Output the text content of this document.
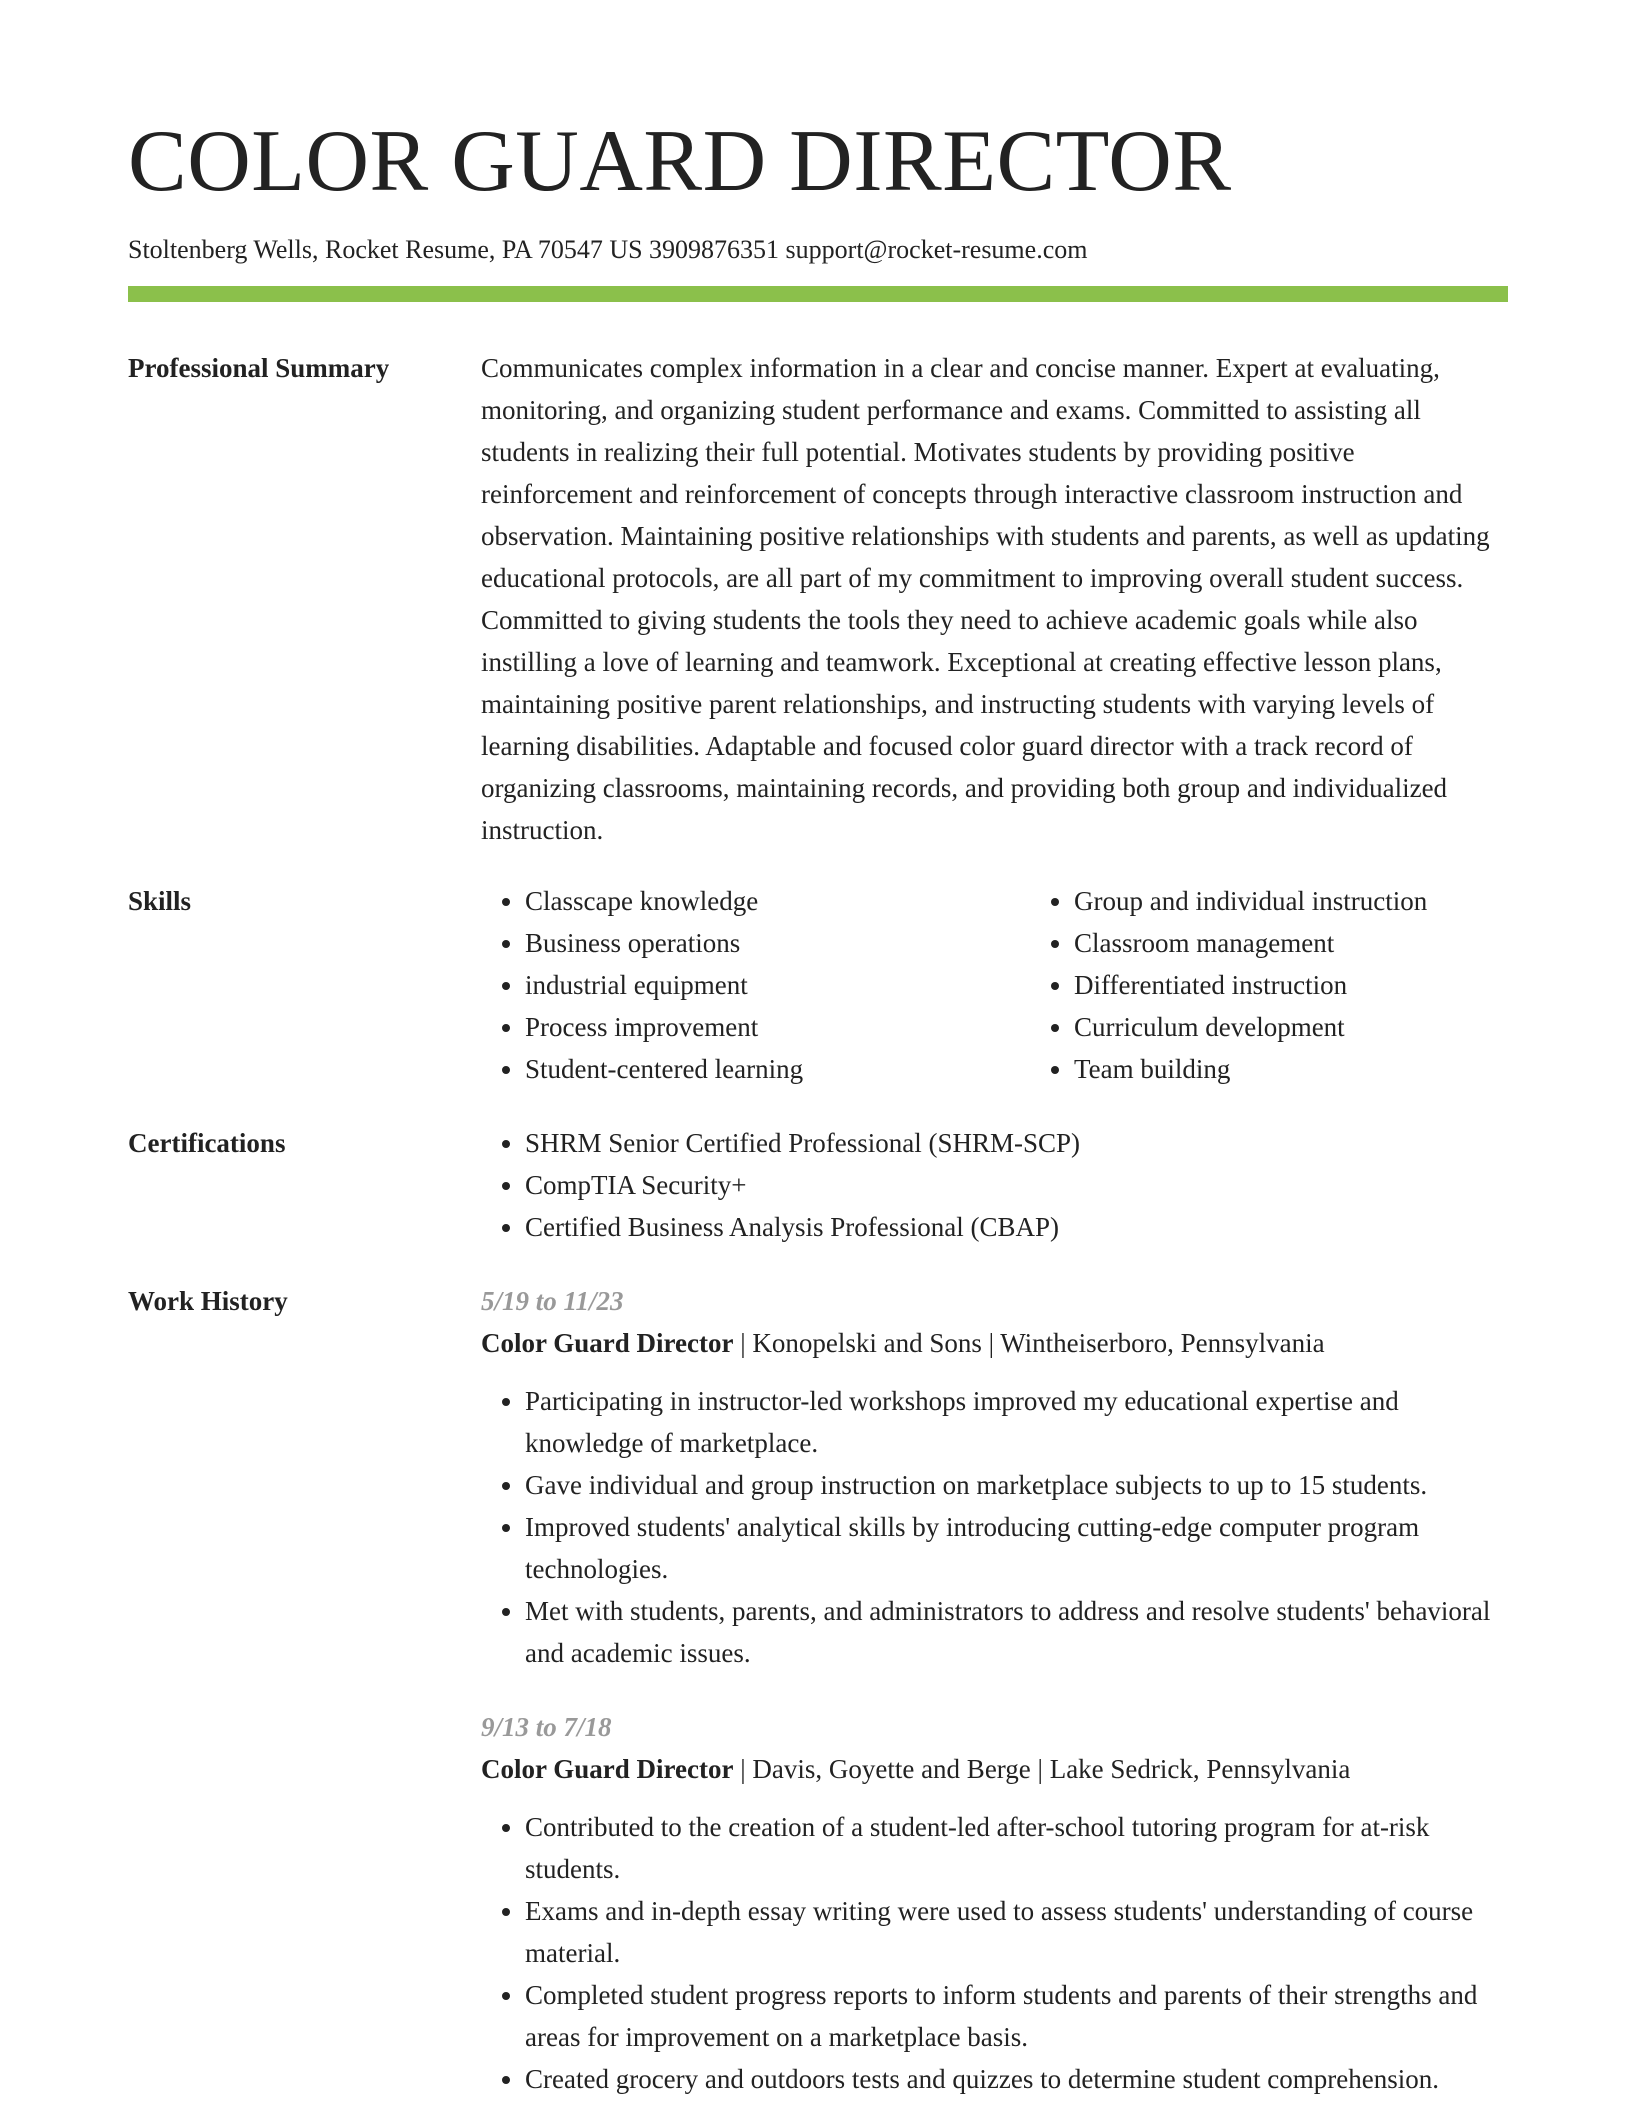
COLOR GUARD DIRECTOR
Stoltenberg Wells, Rocket Resume, PA 70547 US 3909876351 support@rocket-resume.com
Professional Summary	Communicates complex information in a clear and concise manner. Expert at evaluating, monitoring, and organizing student performance and exams. Committed to assisting all students in realizing their full potential. Motivates students by providing positive reinforcement and reinforcement of concepts through interactive classroom instruction and observation. Maintaining positive relationships with students and parents, as well as updating educational protocols, are all part of my commitment to improving overall student success. Committed to giving students the tools they need to achieve academic goals while also instilling a love of learning and teamwork. Exceptional at creating effective lesson plans, maintaining positive parent relationships, and instructing students with varying levels of learning disabilities. Adaptable and focused color guard director with a track record of organizing classrooms, maintaining records, and providing both group and individualized instruction.

Skills	• Classcape knowledge
• Business operations
• industrial equipment
• Process improvement
• Student-centered learning
• Group and individual instruction
• Classroom management
• Differentiated instruction
• Curriculum development
• Team building
Certifications	• SHRM Senior Certified Professional (SHRM-SCP)
• CompTIA Security+
• Certified Business Analysis Professional (CBAP)
Work History	5/19 to 11/23
Color Guard Director | Konopelski and Sons | Wintheiserboro, Pennsylvania
• Participating in instructor-led workshops improved my educational expertise and knowledge of marketplace.
• Gave individual and group instruction on marketplace subjects to up to 15 students.
• Improved students' analytical skills by introducing cutting-edge computer program technologies.
• Met with students, parents, and administrators to address and resolve students' behavioral and academic issues.
9/13 to 7/18
Color Guard Director | Davis, Goyette and Berge | Lake Sedrick, Pennsylvania
• Contributed to the creation of a student-led after-school tutoring program for at-risk students.
• Exams and in-depth essay writing were used to assess students' understanding of course material.
• Completed student progress reports to inform students and parents of their strengths and areas for improvement on a marketplace basis.
• Created grocery and outdoors tests and quizzes to determine student comprehension.
